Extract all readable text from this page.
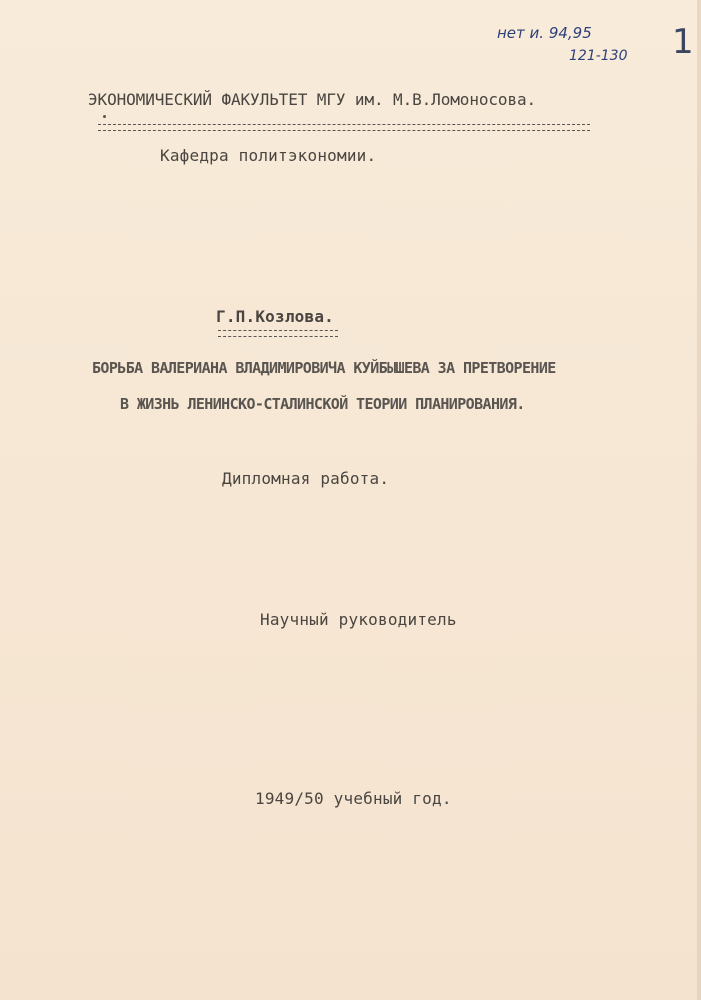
нет и. 94,95
121-130 1
ЭКОНОМИЧЕСКИЙ ФАКУЛЬТЕТ МГУ им. М.В.Ломоносова.
Кафедра политэкономии.
Г.П.Козлова.
БОРЬБА ВАЛЕРИАНА ВЛАДИМИРОВИЧА КУЙБЫШЕВА ЗА ПРЕТВОРЕНИЕ
В ЖИЗНЬ ЛЕНИНСКО-СТАЛИНСКОЙ ТЕОРИИ ПЛАНИРОВАНИЯ.
Дипломная работа.
Научный руководитель
1949/50 учебный год.
